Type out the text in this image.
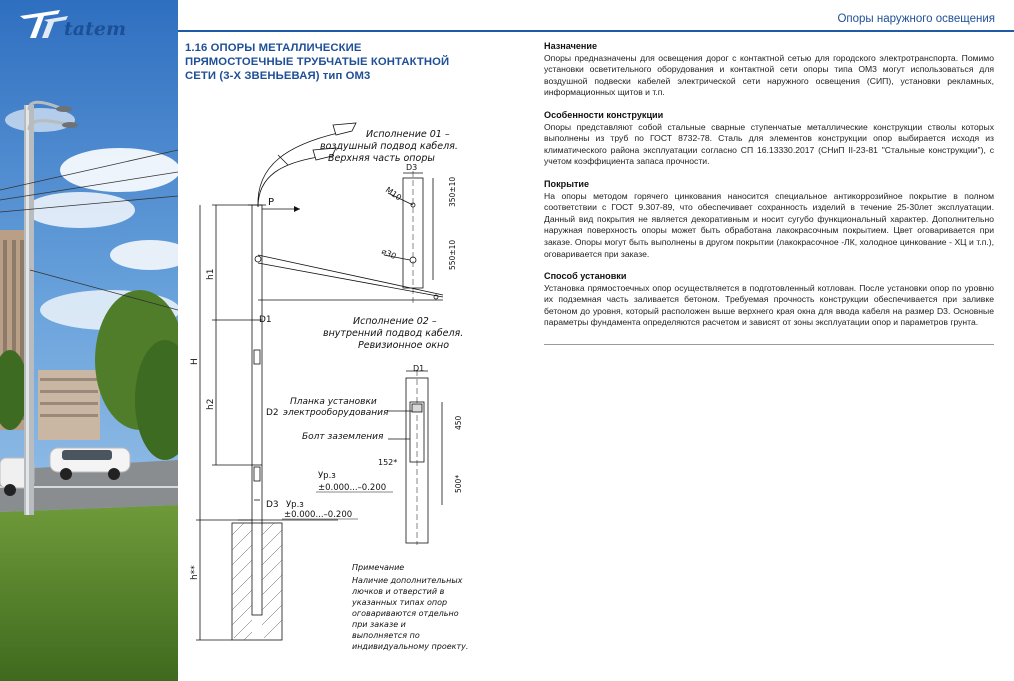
tatem	Опоры наружного освещения
1.16 ОПОРЫ МЕТАЛЛИЧЕСКИЕ
ПРЯМОСТОЕЧНЫЕ ТРУБЧАТЫЕ КОНТАКТНОЙ
СЕТИ (3-Х ЗВЕНЬЕВАЯ) тип ОМ3

Назначение

Опоры предназначены для освещения дорог с контактной сетью для городского электротранспорта. Помимо установки осветительного оборудования и контактной сети опоры типа ОМ3 могут использоваться для воздушной подвески кабелей электрической сети наружного освещения (СИП), установки рекламных, информационных щитов и т.п.

Особенности конструкции

Опоры представляют собой стальные сварные ступенчатые металлические конструкции стволы которых выполнены из труб по ГОСТ 8732-78. Сталь для элементов конструкции опор выбирается исходя из климатического района эксплуатации согласно СП 16.13330.2017 (СНиП II-23-81 "Стальные конструкции"), с учетом коэффициента запаса прочности.

Покрытие

На опоры методом горячего цинкования наносится специальное антикоррозийное покрытие в полном соответствии с ГОСТ 9.307-89, что обеспечивает сохранность изделий в течение 25-30лет эксплуатации. Данный вид покрытия не является декоративным и носит сугубо функциональный характер. Дополнительно наружная поверхность опоры может быть обработана лакокрасочным покрытием. Цвет оговаривается при заказе. Опоры могут быть выполнены в другом покрытии (лакокрасочное -ЛК, холодное цинкование - ХЦ и т.п.), оговаривается при заказе.

Способ установки

Установка прямостоечных опор осуществляется в подготовленный котлован. После установки опор по уровню их подземная часть заливается бетоном. Требуемая прочность конструкции обеспечивается при заливке бетоном до уровня, который расположен выше верхнего края окна для ввода кабеля на размер D3. Основные параметры фундамента определяются расчетом и зависят от зоны эксплуатации опор и параметров грунта.

P
D1
D2
D3
h1
h2
H
h**
Ур.з
±0.000...–0.200
Ур.з
±0.000...–0.200
D3
M10
⌀30
350±10
550±10
D1
450
500*
152*
Исполнение 01 –
воздушный подвод кабеля.
Верхняя часть опоры
Исполнение 02 –
внутренний подвод кабеля.
Ревизионное окно
Планка установки
электрооборудования
Болт заземления
Примечание
Наличие дополнительных
лючков и отверстий в
указанных типах опор
оговариваются отдельно
при заказе и
выполняется по
индивидуальному проекту.
